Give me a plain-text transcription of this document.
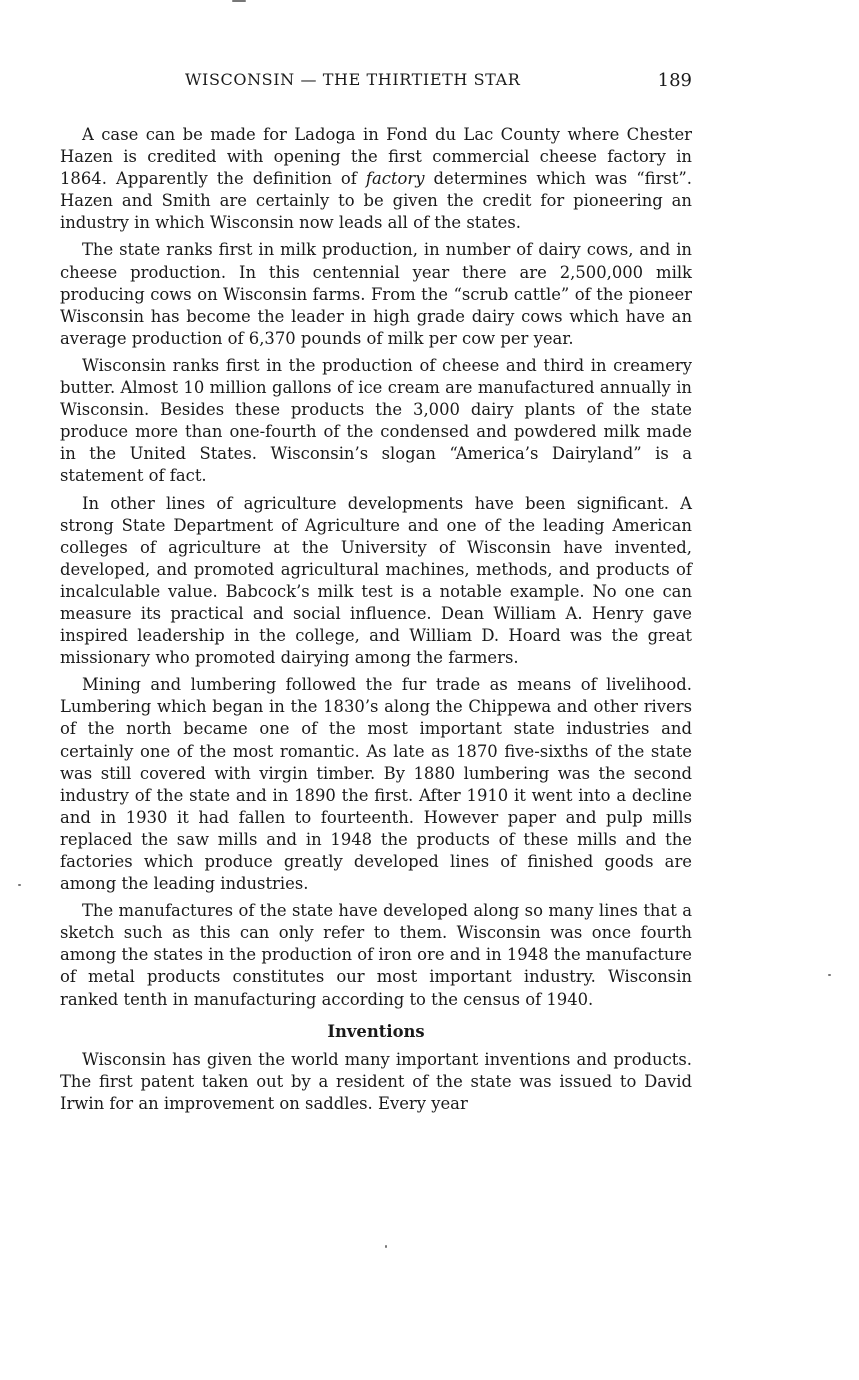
WISCONSIN — THE THIRTIETH STAR	189

A case can be made for Ladoga in Fond du Lac County where Chester Hazen is credited with opening the first commercial cheese factory in 1864. Apparently the definition of factory determines which was “first”. Hazen and Smith are certainly to be given the credit for pioneering an industry in which Wisconsin now leads all of the states.

The state ranks first in milk production, in number of dairy cows, and in cheese production. In this centennial year there are 2,500,000 milk producing cows on Wisconsin farms. From the “scrub cattle” of the pioneer Wisconsin has become the leader in high grade dairy cows which have an average production of 6,370 pounds of milk per cow per year.

Wisconsin ranks first in the production of cheese and third in creamery butter. Almost 10 million gallons of ice cream are manufactured annually in Wisconsin. Besides these products the 3,000 dairy plants of the state produce more than one-fourth of the condensed and powdered milk made in the United States. Wisconsin’s slogan “America’s Dairyland” is a statement of fact.

In other lines of agriculture developments have been significant. A strong State Department of Agriculture and one of the leading American colleges of agriculture at the University of Wisconsin have invented, developed, and promoted agricultural machines, methods, and products of incalculable value. Babcock’s milk test is a notable example. No one can measure its practical and social influence. Dean William A. Henry gave inspired leadership in the college, and William D. Hoard was the great missionary who promoted dairying among the farmers.

Mining and lumbering followed the fur trade as means of livelihood. Lumbering which began in the 1830’s along the Chippewa and other rivers of the north became one of the most important state industries and certainly one of the most romantic. As late as 1870 five-sixths of the state was still covered with virgin timber. By 1880 lumbering was the second industry of the state and in 1890 the first. After 1910 it went into a decline and in 1930 it had fallen to fourteenth. However paper and pulp mills replaced the saw mills and in 1948 the products of these mills and the factories which produce greatly developed lines of finished goods are among the leading industries.

The manufactures of the state have developed along so many lines that a sketch such as this can only refer to them. Wisconsin was once fourth among the states in the production of iron ore and in 1948 the manufacture of metal products constitutes our most important industry. Wisconsin ranked tenth in manufacturing according to the census of 1940.

Inventions

Wisconsin has given the world many important inventions and products. The first patent taken out by a resident of the state was issued to David Irwin for an improvement on saddles. Every year
